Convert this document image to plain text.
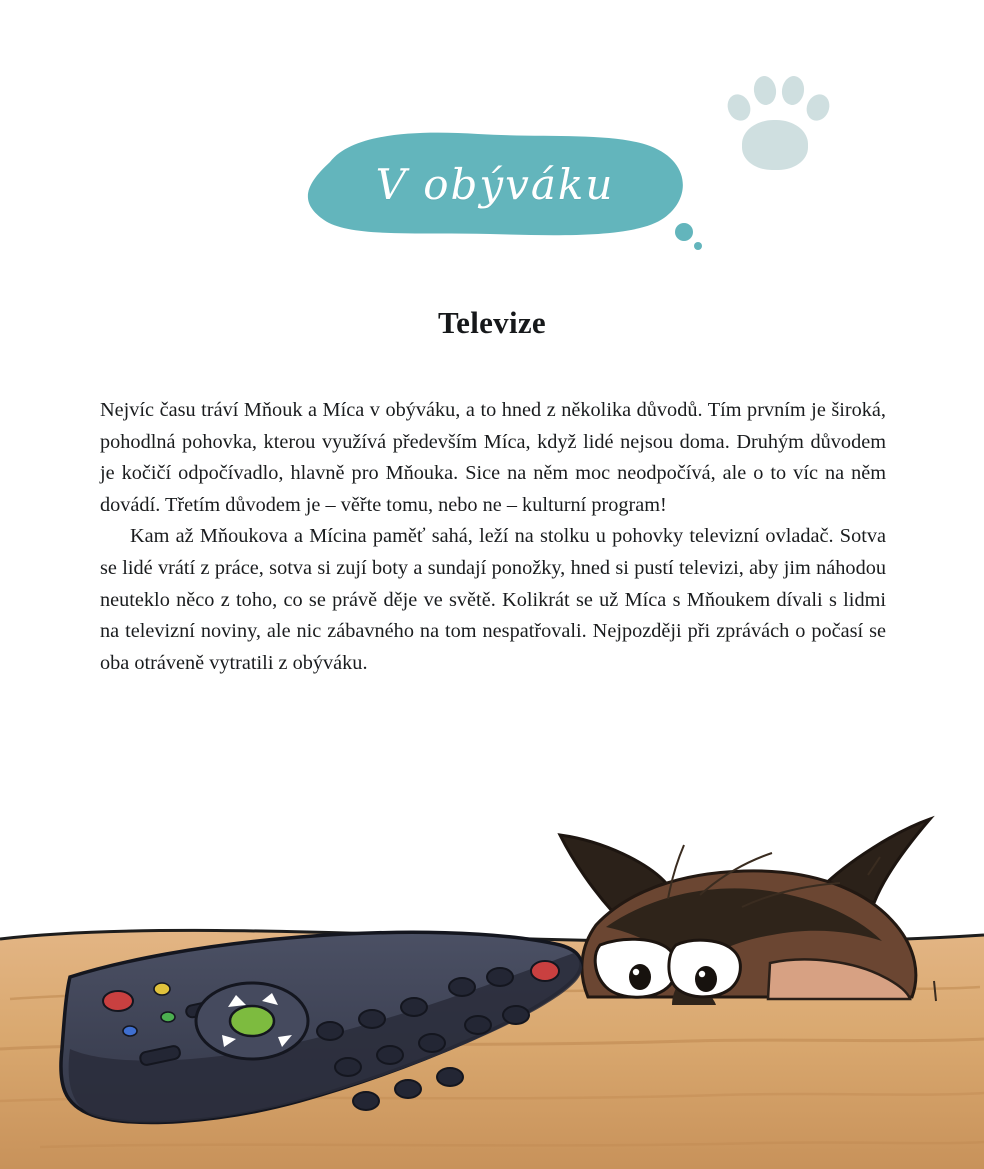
V obýváku
Televize

Nejvíc času tráví Mňouk a Míca v obýváku, a to hned z několika důvodů. Tím prvním je široká, pohodlná pohovka, kterou využívá především Míca, když lidé nejsou doma. Druhým důvodem je kočičí odpočívadlo, hlavně pro Mňouka. Sice na něm moc neodpočívá, ale o to víc na něm dovádí. Třetím důvodem je – věřte tomu, nebo ne – kulturní program!

Kam až Mňoukova a Mícina paměť sahá, leží na stolku u pohovky televizní ovladač. Sotva se lidé vrátí z práce, sotva si zují boty a sundají ponožky, hned si pustí televizi, aby jim náhodou neuteklo něco z toho, co se právě děje ve světě. Kolikrát se už Míca s Mňoukem dívali s lidmi na televizní noviny, ale nic zábavného na tom nespatřovali. Nejpozději při zprávách o počasí se oba otráveně vytratili z obýváku.
